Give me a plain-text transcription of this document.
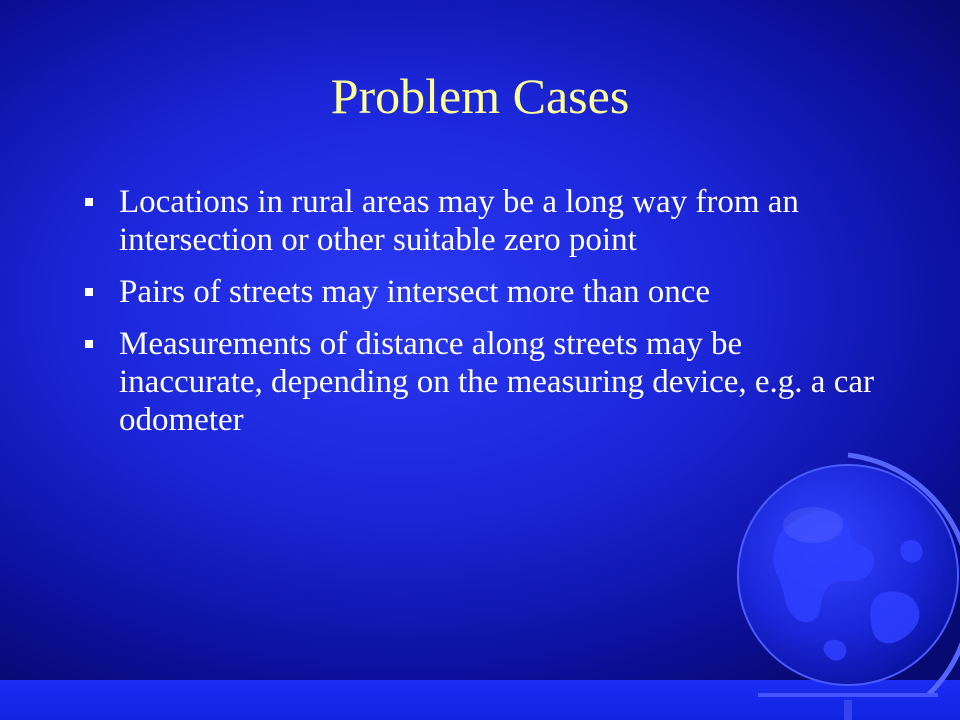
Problem Cases
Locations in rural areas may be a long way from an intersection or other suitable zero point
Pairs of streets may intersect more than once
Measurements of distance along streets may be inaccurate, depending on the measuring device, e.g. a car odometer
